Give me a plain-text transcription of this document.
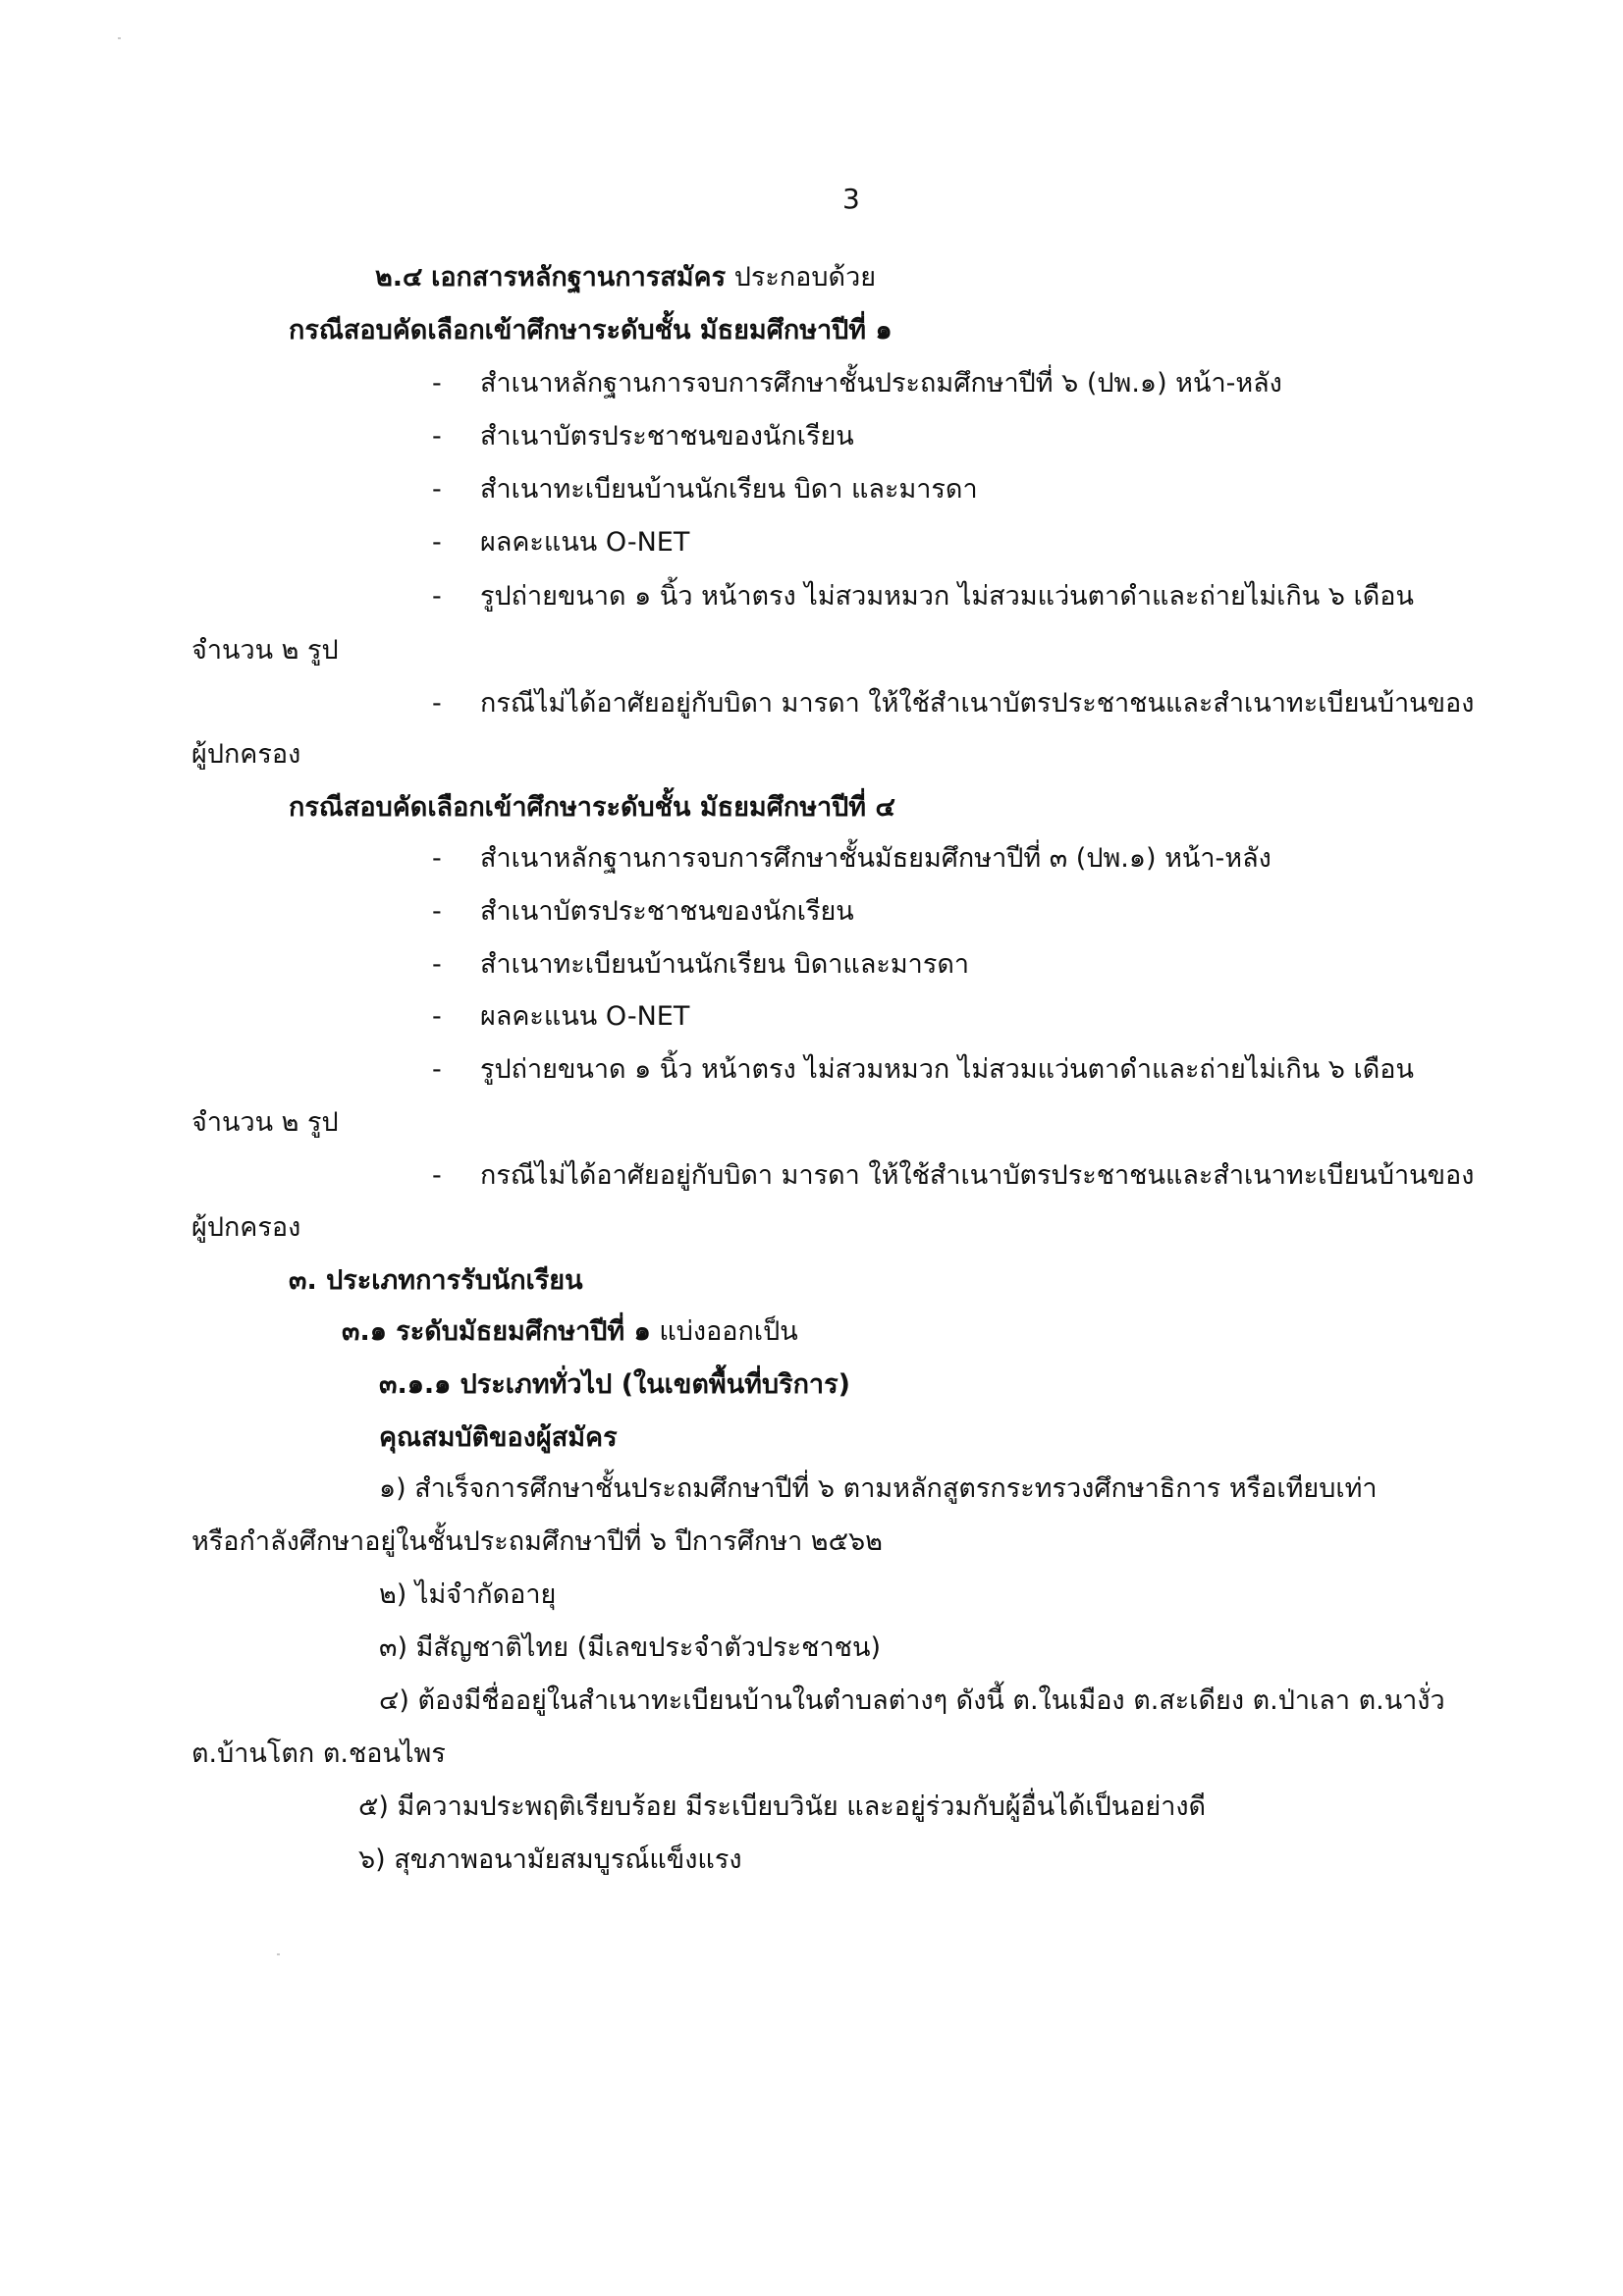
3
๒.๔ เอกสารหลักฐานการสมัคร ประกอบด้วย
กรณีสอบคัดเลือกเข้าศึกษาระดับชั้น มัธยมศึกษาปีที่ ๑
- สำเนาหลักฐานการจบการศึกษาชั้นประถมศึกษาปีที่ ๖ (ปพ.๑) หน้า-หลัง
- สำเนาบัตรประชาชนของนักเรียน
- สำเนาทะเบียนบ้านนักเรียน บิดา และมารดา
- ผลคะแนน O-NET
- รูปถ่ายขนาด ๑ นิ้ว หน้าตรง ไม่สวมหมวก ไม่สวมแว่นตาดำและถ่ายไม่เกิน ๖ เดือน
จำนวน ๒ รูป
- กรณีไม่ได้อาศัยอยู่กับบิดา มารดา ให้ใช้สำเนาบัตรประชาชนและสำเนาทะเบียนบ้านของ
ผู้ปกครอง
กรณีสอบคัดเลือกเข้าศึกษาระดับชั้น มัธยมศึกษาปีที่ ๔
- สำเนาหลักฐานการจบการศึกษาชั้นมัธยมศึกษาปีที่ ๓ (ปพ.๑) หน้า-หลัง
- สำเนาบัตรประชาชนของนักเรียน
- สำเนาทะเบียนบ้านนักเรียน บิดาและมารดา
- ผลคะแนน O-NET
- รูปถ่ายขนาด ๑ นิ้ว หน้าตรง ไม่สวมหมวก ไม่สวมแว่นตาดำและถ่ายไม่เกิน ๖ เดือน
จำนวน ๒ รูป
- กรณีไม่ได้อาศัยอยู่กับบิดา มารดา ให้ใช้สำเนาบัตรประชาชนและสำเนาทะเบียนบ้านของ
ผู้ปกครอง
๓. ประเภทการรับนักเรียน
๓.๑ ระดับมัธยมศึกษาปีที่ ๑ แบ่งออกเป็น
๓.๑.๑ ประเภททั่วไป (ในเขตพื้นที่บริการ)
คุณสมบัติของผู้สมัคร
๑) สำเร็จการศึกษาชั้นประถมศึกษาปีที่ ๖ ตามหลักสูตรกระทรวงศึกษาธิการ หรือเทียบเท่า
หรือกำลังศึกษาอยู่ในชั้นประถมศึกษาปีที่ ๖ ปีการศึกษา ๒๕๖๒
๒) ไม่จำกัดอายุ
๓) มีสัญชาติไทย (มีเลขประจำตัวประชาชน)
๔) ต้องมีชื่ออยู่ในสำเนาทะเบียนบ้านในตำบลต่างๆ ดังนี้ ต.ในเมือง ต.สะเดียง ต.ป่าเลา ต.นางั่ว
ต.บ้านโตก ต.ชอนไพร
๕) มีความประพฤติเรียบร้อย มีระเบียบวินัย และอยู่ร่วมกับผู้อื่นได้เป็นอย่างดี
๖) สุขภาพอนามัยสมบูรณ์แข็งแรง
